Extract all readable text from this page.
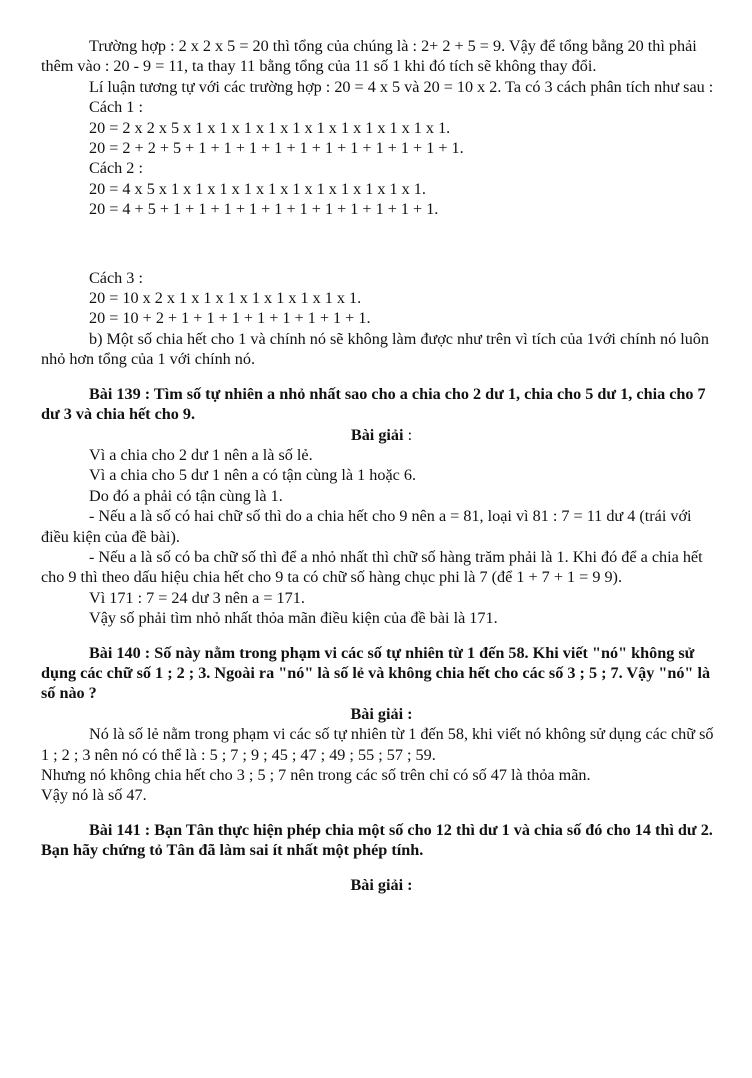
Trường hợp : 2 x 2 x 5 = 20 thì tổng của chúng là : 2+ 2 + 5 = 9. Vậy để tổng bằng 20 thì phải thêm vào : 20 - 9 = 11, ta thay 11 bằng tổng của 11 số 1 khi đó tích sẽ không thay đổi.

Lí luận tương tự với các trường hợp : 20 = 4 x 5 và 20 = 10 x 2. Ta có 3 cách phân tích như sau :

Cách 1 :

20 = 2 x 2 x 5 x 1 x 1 x 1 x 1 x 1 x 1 x 1 x 1 x 1 x 1 x 1.

20 = 2 + 2 + 5 + 1 + 1 + 1 + 1 + 1 + 1 + 1 + 1 + 1 + 1 + 1.

Cách 2 :

20 = 4 x 5 x 1 x 1 x 1 x 1 x 1 x 1 x 1 x 1 x 1 x 1 x 1.

20 = 4 + 5 + 1 + 1 + 1 + 1 + 1 + 1 + 1 + 1 + 1 + 1 + 1.

Cách 3 :

20 = 10 x 2 x 1 x 1 x 1 x 1 x 1 x 1 x 1 x 1.

20 = 10 + 2 + 1 + 1 + 1 + 1 + 1 + 1 + 1 + 1.

b) Một số chia hết cho 1 và chính nó sẽ không làm được như trên vì tích của 1với chính nó luôn nhỏ hơn tổng của 1 với chính nó.

Bài 139 : Tìm số tự nhiên a nhỏ nhất sao cho a chia cho 2 dư 1, chia cho 5 dư 1, chia cho 7 dư 3 và chia hết cho 9.

Bài giải :

Vì a chia cho 2 dư 1 nên a là số lẻ.

Vì a chia cho 5 dư 1 nên a có tận cùng là 1 hoặc 6.

Do đó a phải có tận cùng là 1.

- Nếu a là số có hai chữ số thì do a chia hết cho 9 nên a = 81, loại vì 81 : 7 = 11 dư 4 (trái với điều kiện của đề bài).

- Nếu a là số có ba chữ số thì để a nhỏ nhất thì chữ số hàng trăm phải là 1. Khi đó để a chia hết cho 9 thì theo dấu hiệu chia hết cho 9 ta có chữ số hàng chục phi là 7 (để 1 + 7 + 1 = 9 9).

Vì 171 : 7 = 24 dư 3 nên a = 171.

Vậy số phải tìm nhỏ nhất thỏa mãn điều kiện của đề bài là 171.

Bài 140 : Số này nằm trong phạm vi các số tự nhiên từ 1 đến 58. Khi viết "nó" không sử dụng các chữ số 1 ; 2 ; 3. Ngoài ra "nó" là số lẻ và không chia hết cho các số 3 ; 5 ; 7. Vậy "nó" là số nào ?

Bài giải :

Nó là số lẻ nằm trong phạm vi các số tự nhiên từ 1 đến 58, khi viết nó không sử dụng các chữ số 1 ; 2 ; 3 nên nó có thể là : 5 ; 7 ; 9 ; 45 ; 47 ; 49 ; 55 ; 57 ; 59.

Nhưng nó không chia hết cho 3 ; 5 ; 7 nên trong các số trên chỉ có số 47 là thỏa mãn.

Vậy nó là số 47.

Bài 141 : Bạn Tân thực hiện phép chia một số cho 12 thì dư 1 và chia số đó cho 14 thì dư 2. Bạn hãy chứng tỏ Tân đã làm sai ít nhất một phép tính.

Bài giải :
